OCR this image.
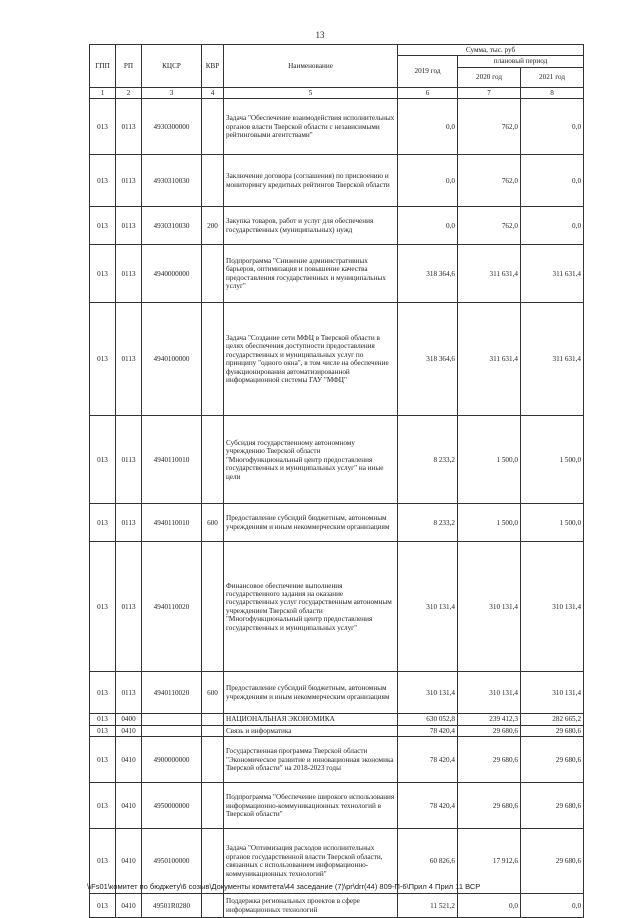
13
ГПП	РП	КЦСР	КВР	Наименование	Сумма, тыс. руб		
					2019 год	плановый период	
						2020 год	2021 год
1	2	3	4	5	6	7	8
013	0113	4930300000		Задача "Обеспечение взаимодействия исполнительных органов власти Тверской области с независимыми рейтинговыми агентствами"	0,0	762,0	0,0
013	0113	4930310030		Заключение договора (соглашения) по присвоению и мониторингу кредитных рейтингов Тверской области	0,0	762,0	0,0
013	0113	4930310030	200	Закупка товаров, работ и услуг для обеспечения государственных (муниципальных) нужд	0,0	762,0	0,0
013	0113	4940000000		Подпрограмма "Снижение административных барьеров, оптимизация и повышение качества предоставления государственных и муниципальных услуг"	318 364,6	311 631,4	311 631,4
013	0113	4940100000		Задача "Создание сети МФЦ в Тверской области в целях обеспечения доступности предоставления государственных и муниципальных услуг по принципу "одного окна", в том числе на обеспечение функционирования автоматизированной информационной системы ГАУ "МФЦ"	318 364,6	311 631,4	311 631,4
013	0113	4940110010		Субсидия государственному автономному учреждению Тверской области "Многофункциональный центр предоставления государственных и муниципальных услуг" на иные цели	8 233,2	1 500,0	1 500,0
013	0113	4940110010	600	Предоставление субсидий бюджетным, автономным учреждениям и иным некоммерческим организациям	8 233,2	1 500,0	1 500,0
013	0113	4940110020		Финансовое обеспечение выполнения государственного задания на оказание государственных услуг государственным автономным учреждением Тверской области "Многофункциональный центр предоставления государственных и муниципальных услуг"	310 131,4	310 131,4	310 131,4
013	0113	4940110020	600	Предоставление субсидий бюджетным, автономным учреждениям и иным некоммерческим организациям	310 131,4	310 131,4	310 131,4
013	0400			НАЦИОНАЛЬНАЯ ЭКОНОМИКА	630 052,8	239 412,3	282 665,2
013	0410			Связь и информатика	78 420,4	29 680,6	29 680,6
013	0410	4900000000		Государственная программа Тверской области "Экономическое развитие и инновационная экономика Тверской области" на 2018-2023 годы	78 420,4	29 680,6	29 680,6
013	0410	4950000000		Подпрограмма "Обеспечение широкого использования информационно-коммуникационных технологий в Тверской области"	78 420,4	29 680,6	29 680,6
013	0410	4950100000		Задача "Оптимизация расходов исполнительных органов государственной власти Тверской области, связанных с использованием информационно-коммуникационных технологий"	60 826,6	17 912,6	29 680,6
013	0410	49501R0280		Поддержка региональных проектов в сфере информационных технологий	11 521,2	0,0	0,0
\\Fs01\комитет по бюджету\6 созыв\Документы комитета\44 заседание (7)\pr\drr(44) 809-П-6\Прил 4 Прил 11 ВСР
